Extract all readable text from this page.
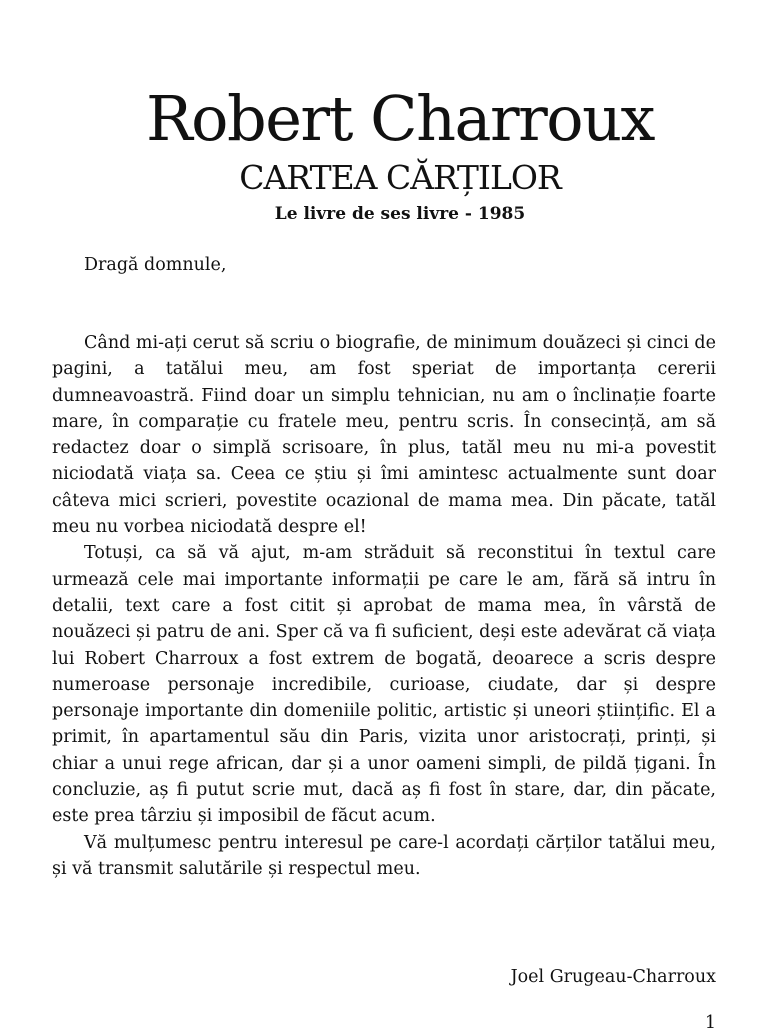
Robert Charroux
CARTEA CĂRȚILOR
Le livre de ses livre - 1985
Dragă domnule,

Când mi-ați cerut să scriu o biografie, de minimum douăzeci și cinci de pagini, a tatălui meu, am fost speriat de importanța cererii dumneavoastră. Fiind doar un simplu tehnician, nu am o înclinație foarte mare, în comparație cu fratele meu, pentru scris. În consecință, am să redactez doar o simplă scrisoare, în plus, tatăl meu nu mi-a povestit niciodată viața sa. Ceea ce știu și îmi amintesc actualmente sunt doar câteva mici scrieri, povestite ocazional de mama mea. Din păcate, tatăl meu nu vorbea niciodată despre el!

Totuși, ca să vă ajut, m-am străduit să reconstitui în textul care urmează cele mai importante informații pe care le am, fără să intru în detalii, text care a fost citit și aprobat de mama mea, în vârstă de nouăzeci și patru de ani. Sper că va fi suficient, deși este adevărat că viața lui Robert Charroux a fost extrem de bogată, deoarece a scris despre numeroase personaje incredibile, curioase, ciudate, dar și despre personaje importante din domeniile politic, artistic și uneori științific. El a primit, în apartamentul său din Paris, vizita unor aristocrați, prinți, și chiar a unui rege african, dar și a unor oameni simpli, de pildă țigani. În concluzie, aș fi putut scrie mut, dacă aș fi fost în stare, dar, din păcate, este prea târziu și imposibil de făcut acum.

Vă mulțumesc pentru interesul pe care-l acordați cărților tatălui meu, și vă transmit salutările și respectul meu.

Joel Grugeau-Charroux
1
